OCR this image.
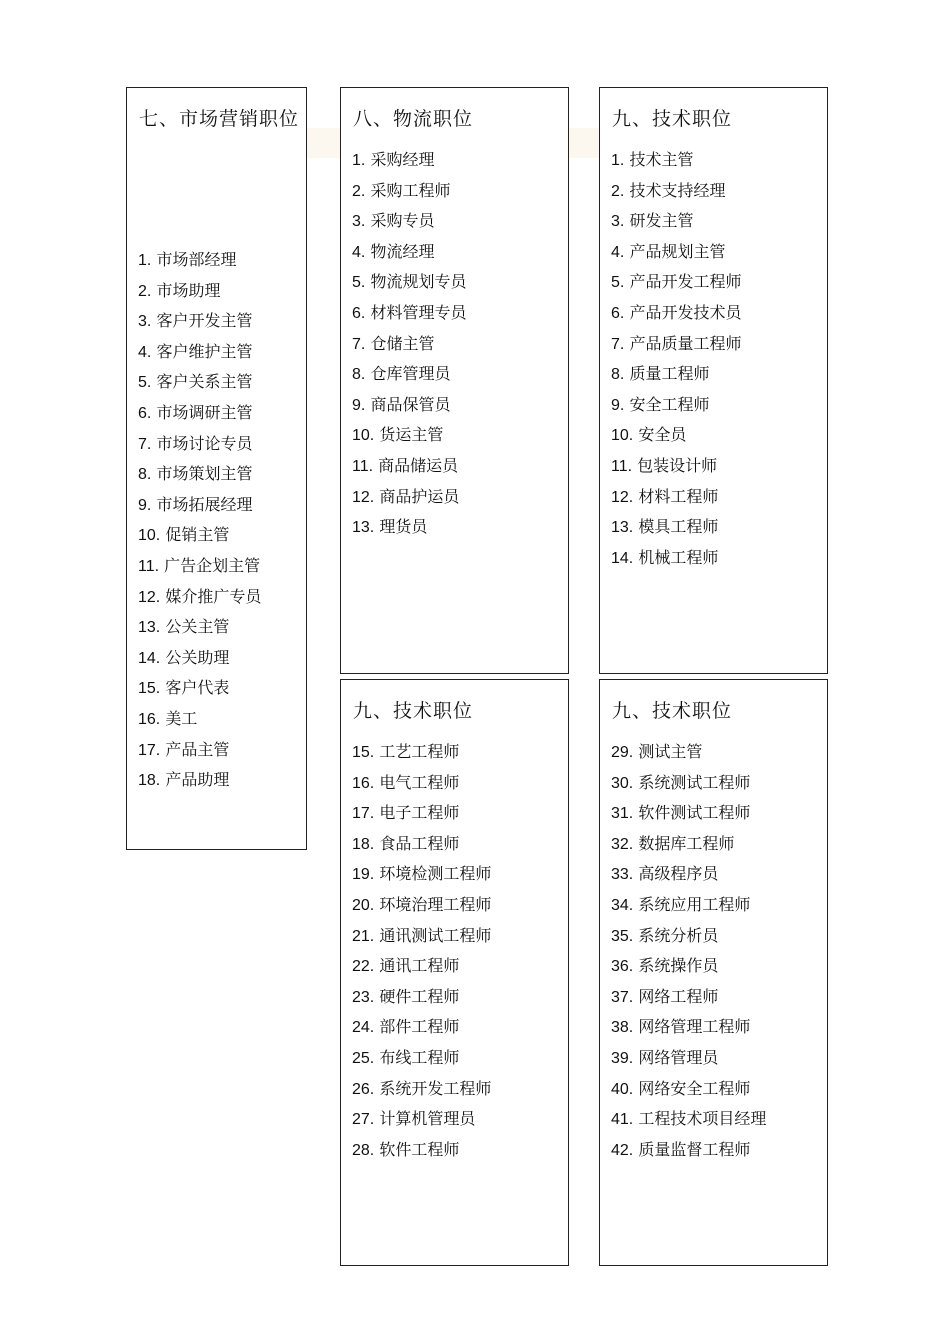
七、市场营销职位
1. 市场部经理
2. 市场助理
3. 客户开发主管
4. 客户维护主管
5. 客户关系主管
6. 市场调研主管
7. 市场讨论专员
8. 市场策划主管
9. 市场拓展经理
10. 促销主管
11. 广告企划主管
12. 媒介推广专员
13. 公关主管
14. 公关助理
15. 客户代表
16. 美工
17. 产品主管
18. 产品助理
八、物流职位
1. 采购经理
2. 采购工程师
3. 采购专员
4. 物流经理
5. 物流规划专员
6. 材料管理专员
7. 仓储主管
8. 仓库管理员
9. 商品保管员
10. 货运主管
11. 商品储运员
12. 商品护运员
13. 理货员
九、技术职位
1. 技术主管
2. 技术支持经理
3. 研发主管
4. 产品规划主管
5. 产品开发工程师
6. 产品开发技术员
7. 产品质量工程师
8. 质量工程师
9. 安全工程师
10. 安全员
11. 包装设计师
12. 材料工程师
13. 模具工程师
14. 机械工程师
九、技术职位
15. 工艺工程师
16. 电气工程师
17. 电子工程师
18. 食品工程师
19. 环境检测工程师
20. 环境治理工程师
21. 通讯测试工程师
22. 通讯工程师
23. 硬件工程师
24. 部件工程师
25. 布线工程师
26. 系统开发工程师
27. 计算机管理员
28. 软件工程师
九、技术职位
29. 测试主管
30. 系统测试工程师
31. 软件测试工程师
32. 数据库工程师
33. 高级程序员
34. 系统应用工程师
35. 系统分析员
36. 系统操作员
37. 网络工程师
38. 网络管理工程师
39. 网络管理员
40. 网络安全工程师
41. 工程技术项目经理
42. 质量监督工程师
